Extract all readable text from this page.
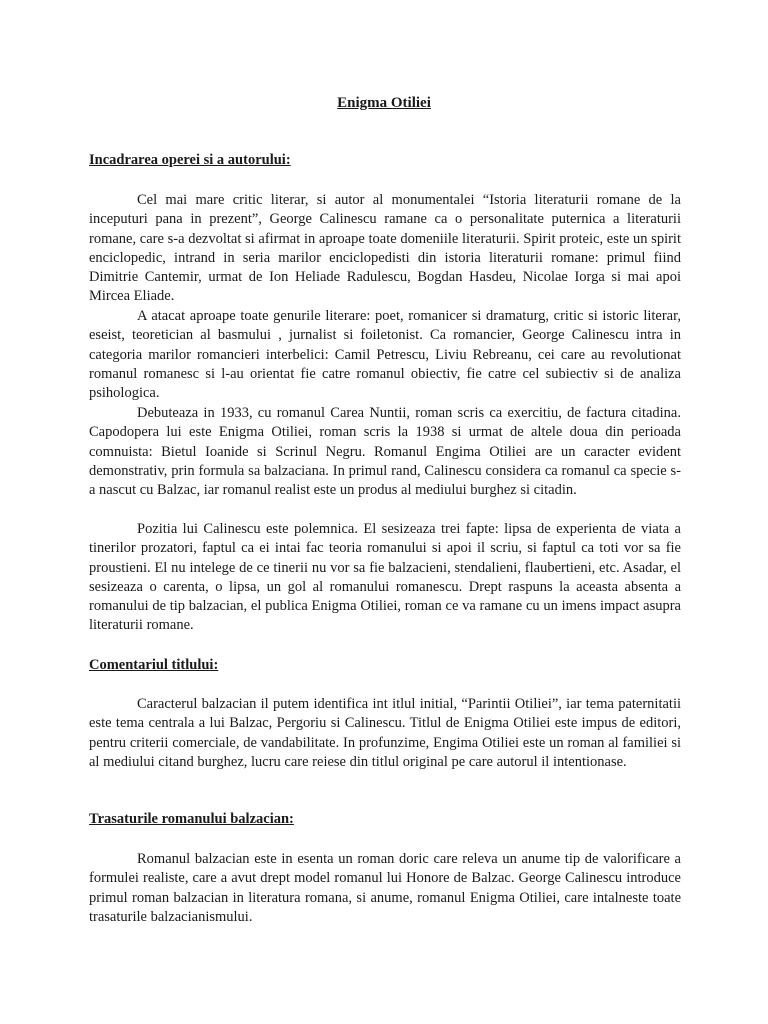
Enigma Otiliei
Incadrarea operei si a autorului:

Cel mai mare critic literar, si autor al monumentalei “Istoria literaturii romane de la inceputuri pana in prezent”, George Calinescu ramane ca o personalitate puternica a literaturii romane, care s-a dezvoltat si afirmat in aproape toate domeniile literaturii. Spirit proteic, este un spirit enciclopedic, intrand in seria marilor enciclopedisti din istoria literaturii romane: primul fiind Dimitrie Cantemir, urmat de Ion Heliade Radulescu, Bogdan Hasdeu, Nicolae Iorga si mai apoi Mircea Eliade.

A atacat aproape toate genurile literare: poet, romanicer si dramaturg, critic si istoric literar, eseist, teoretician al basmului , jurnalist si foiletonist. Ca romancier, George Calinescu intra in categoria marilor romancieri interbelici: Camil Petrescu, Liviu Rebreanu, cei care au revolutionat romanul romanesc si l-au orientat fie catre romanul obiectiv, fie catre cel subiectiv si de analiza psihologica.

Debuteaza in 1933, cu romanul Carea Nuntii, roman scris ca exercitiu, de factura citadina. Capodopera lui este Enigma Otiliei, roman scris la 1938 si urmat de altele doua din perioada comnuista: Bietul Ioanide si Scrinul Negru. Romanul Engima Otiliei are un caracter evident demonstrativ, prin formula sa balzaciana. In primul rand, Calinescu considera ca romanul ca specie s-a nascut cu Balzac, iar romanul realist este un produs al mediului burghez si citadin.

Pozitia lui Calinescu este polemnica. El sesizeaza trei fapte: lipsa de experienta de viata a tinerilor prozatori, faptul ca ei intai fac teoria romanului si apoi il scriu, si faptul ca toti vor sa fie proustieni. El nu intelege de ce tinerii nu vor sa fie balzacieni, stendalieni, flaubertieni, etc. Asadar, el sesizeaza o carenta, o lipsa, un gol al romanului romanescu. Drept raspuns la aceasta absenta a romanului de tip balzacian, el publica Enigma Otiliei, roman ce va ramane cu un imens impact asupra literaturii romane.

Comentariul titlului:

Caracterul balzacian il putem identifica int itlul initial, “Parintii Otiliei”, iar tema paternitatii este tema centrala a lui Balzac, Pergoriu si Calinescu. Titlul de Enigma Otiliei este impus de editori, pentru criterii comerciale, de vandabilitate. In profunzime, Engima Otiliei este un roman al familiei si al mediului citand burghez, lucru care reiese din titlul original pe care autorul il intentionase.

Trasaturile romanului balzacian:

Romanul balzacian este in esenta un roman doric care releva un anume tip de valorificare a formulei realiste, care a avut drept model romanul lui Honore de Balzac. George Calinescu introduce primul roman balzacian in literatura romana, si anume, romanul Enigma Otiliei, care intalneste toate trasaturile balzacianismului.
